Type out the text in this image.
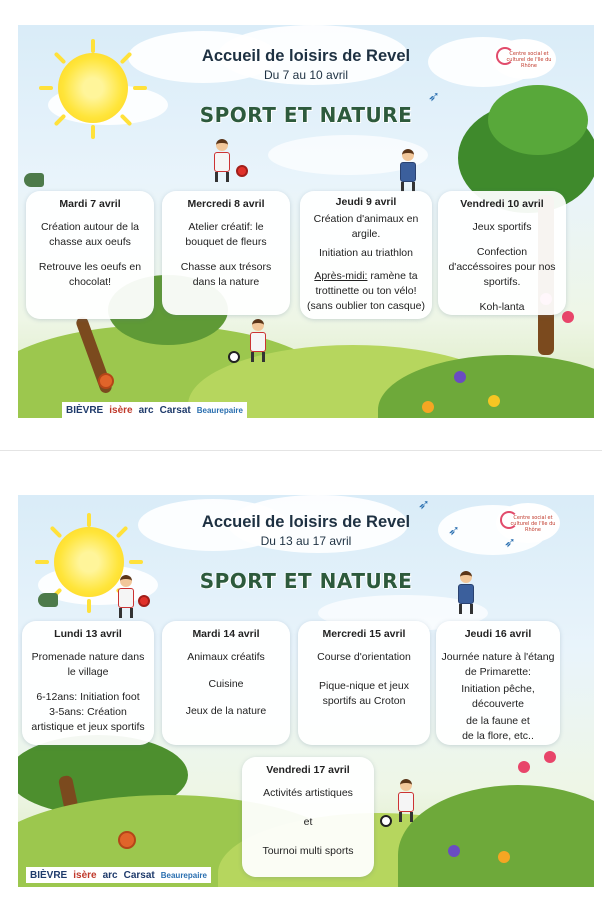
Accueil de loisirs de Revel
Du 7 au 10 avril
SPORT ET NATURE
Centre social et culturel de l'Ile du Rhône
➶
Mardi 7 avril

Création autour de la chasse aux oeufs

Retrouve les oeufs en chocolat!

Mercredi 8 avril

Atelier créatif: le bouquet de fleurs

Chasse aux trésors dans la nature

Jeudi 9 avril

Création d'animaux en argile.

Initiation au triathlon

Après-midi: ramène ta trottinette ou ton vélo! (sans oublier ton casque)

Vendredi 10 avril

Jeux sportifs

Confection d'accéssoires pour nos sportifs.

Koh-lanta

BIÈVRE isère arc Carsat Beaurepaire
Accueil de loisirs de Revel
Du 13 au 17 avril
SPORT ET NATURE
Centre social et culturel de l'Ile du Rhône
➶
➶
➶
Lundi 13 avril

Promenade nature dans le village

6-12ans: Initiation foot

3-5ans: Création artistique et jeux sportifs

Mardi 14 avril

Animaux créatifs

Cuisine

Jeux de la nature

Mercredi 15 avril

Course d'orientation

Pique-nique et jeux sportifs au Croton

Jeudi 16 avril

Journée nature à l'étang de Primarette:

Initiation pêche, découverte

de la faune et

de la flore, etc..

Vendredi 17 avril

Activités artistiques

et

Tournoi multi sports

BIÈVRE isère arc Carsat Beaurepaire
